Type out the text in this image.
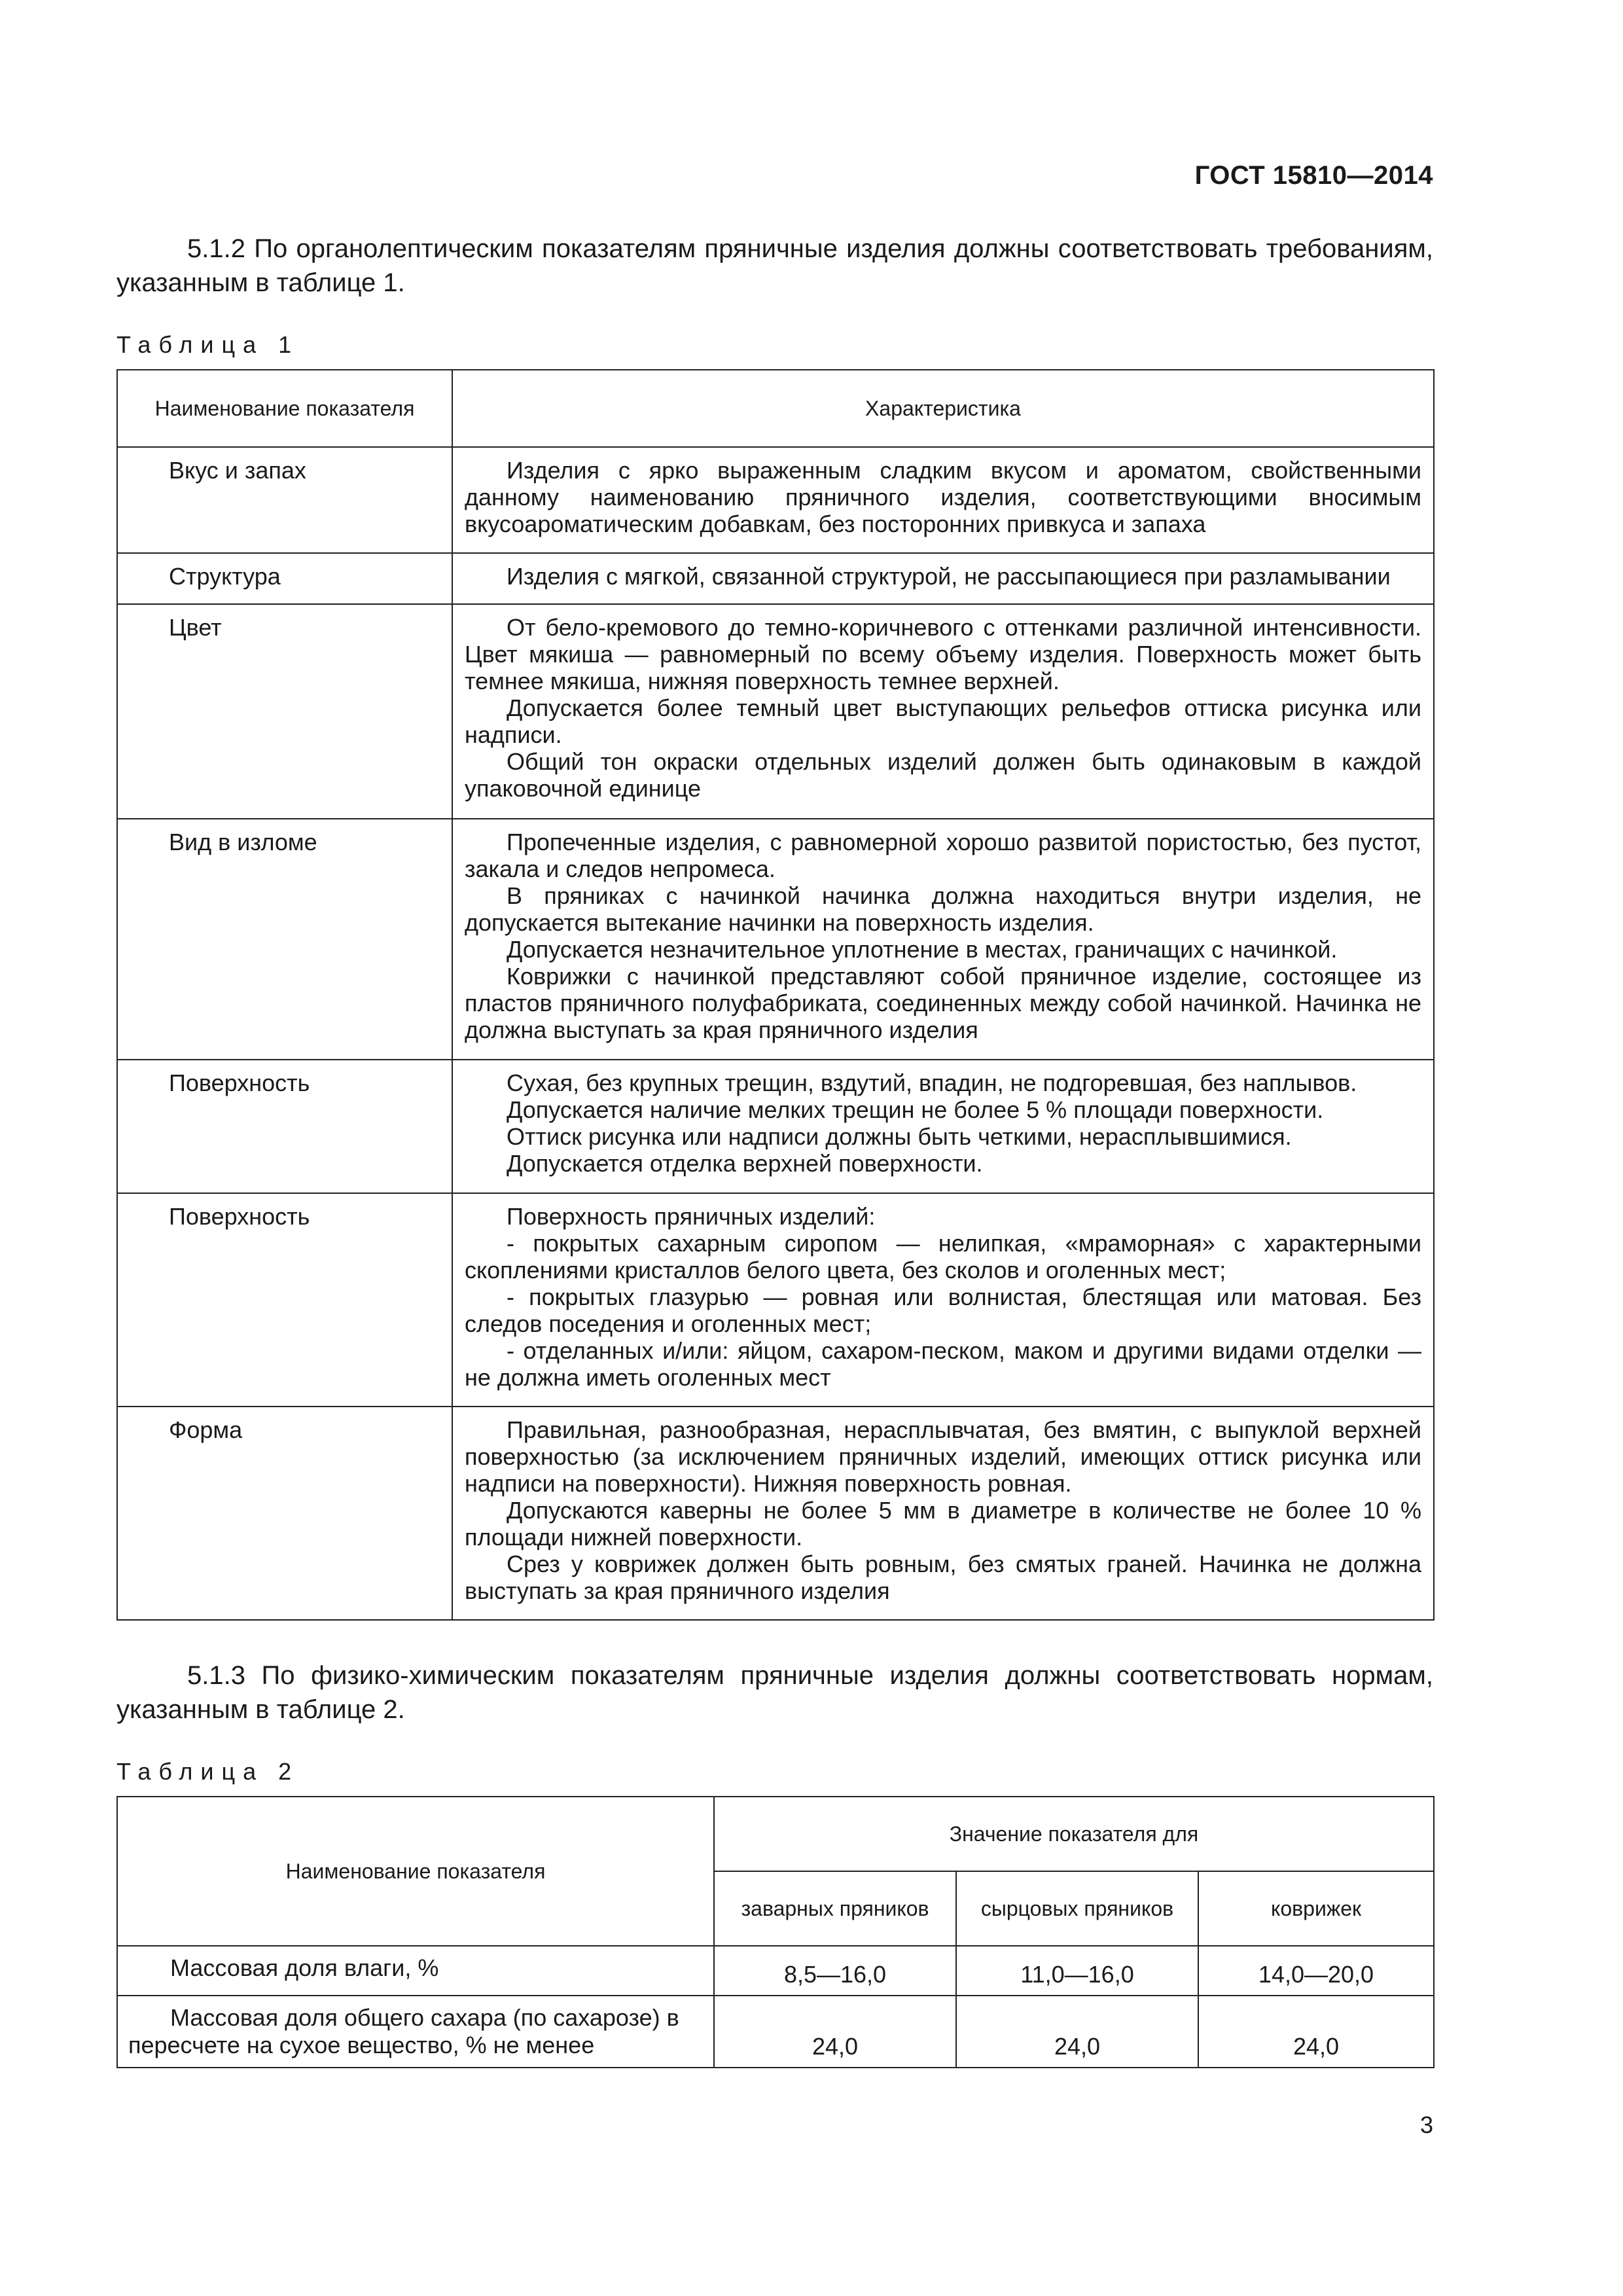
ГОСТ 15810—2014
5.1.2 По органолептическим показателям пряничные изделия должны соответствовать требованиям, указанным в таблице 1.
Таблица 1
Наименование показателя	Характеристика
Вкус и запах	Изделия с ярко выраженным сладким вкусом и ароматом, свойственными данному наименованию пряничного изделия, соответствующими вносимым вкусоароматическим добавкам, без посторонних привкуса и запаха

Структура	Изделия с мягкой, связанной структурой, не рассыпающиеся при разламывании

Цвет	От бело-кремового до темно-коричневого с оттенками различной интенсивности. Цвет мякиша — равномерный по всему объему изделия. Поверхность может быть темнее мякиша, нижняя поверхность темнее верхней.

Допускается более темный цвет выступающих рельефов оттиска рисунка или надписи.

Общий тон окраски отдельных изделий должен быть одинаковым в каждой упаковочной единице

Вид в изломе	Пропеченные изделия, с равномерной хорошо развитой пористостью, без пустот, закала и следов непромеса.

В пряниках с начинкой начинка должна находиться внутри изделия, не допускается вытекание начинки на поверхность изделия.

Допускается незначительное уплотнение в местах, граничащих с начинкой.

Коврижки с начинкой представляют собой пряничное изделие, состоящее из пластов пряничного полуфабриката, соединенных между собой начинкой. Начинка не должна выступать за края пряничного изделия

Поверхность	Сухая, без крупных трещин, вздутий, впадин, не подгоревшая, без наплывов.

Допускается наличие мелких трещин не более 5 % площади поверхности.

Оттиск рисунка или надписи должны быть четкими, нерасплывшимися.

Допускается отделка верхней поверхности.

Поверхность	Поверхность пряничных изделий:

- покрытых сахарным сиропом — нелипкая, «мраморная» с характерными скоплениями кристаллов белого цвета, без сколов и оголенных мест;

- покрытых глазурью — ровная или волнистая, блестящая или матовая. Без следов поседения и оголенных мест;

- отделанных и/или: яйцом, сахаром-песком, маком и другими видами отделки — не должна иметь оголенных мест

Форма	Правильная, разнообразная, нерасплывчатая, без вмятин, с выпуклой верхней поверхностью (за исключением пряничных изделий, имеющих оттиск рисунка или надписи на поверхности). Нижняя поверхность ровная.

Допускаются каверны не более 5 мм в диаметре в количестве не более 10 % площади нижней поверхности.

Срез у коврижек должен быть ровным, без смятых граней. Начинка не должна выступать за края пряничного изделия

5.1.3 По физико-химическим показателям пряничные изделия должны соответствовать нормам, указанным в таблице 2.
Таблица 2
Наименование показателя	Значение показателя для		
	заварных пряников	сырцовых пряников	коврижек

Массовая доля влаги, %	8,5—16,0	11,0—16,0	14,0—20,0

Массовая доля общего сахара (по сахарозе) в пересчете на сухое вещество, % не менее	24,0	24,0	24,0
3
